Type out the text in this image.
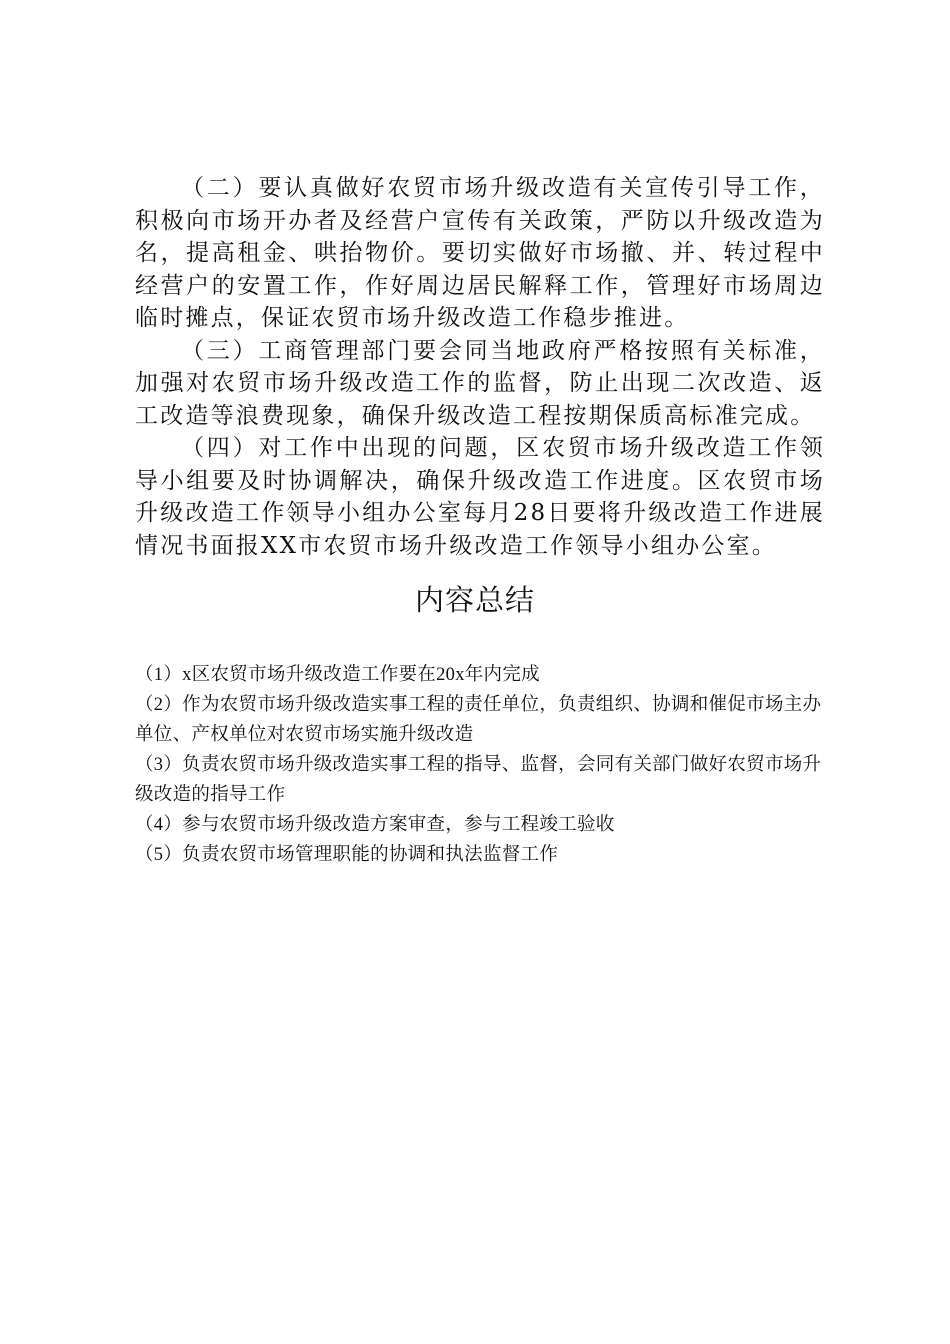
（二）要认真做好农贸市场升级改造有关宣传引导工作，积极向市场开办者及经营户宣传有关政策，严防以升级改造为名，提高租金、哄抬物价。要切实做好市场撤、并、转过程中经营户的安置工作，作好周边居民解释工作，管理好市场周边临时摊点，保证农贸市场升级改造工作稳步推进。

（三）工商管理部门要会同当地政府严格按照有关标准，加强对农贸市场升级改造工作的监督，防止出现二次改造、返工改造等浪费现象，确保升级改造工程按期保质高标准完成。

（四）对工作中出现的问题，区农贸市场升级改造工作领导小组要及时协调解决，确保升级改造工作进度。区农贸市场升级改造工作领导小组办公室每月28日要将升级改造工作进展情况书面报XX市农贸市场升级改造工作领导小组办公室。

内容总结
（1）x区农贸市场升级改造工作要在20x年内完成
（2）作为农贸市场升级改造实事工程的责任单位，负责组织、协调和催促市场主办单位、产权单位对农贸市场实施升级改造
（3）负责农贸市场升级改造实事工程的指导、监督，会同有关部门做好农贸市场升级改造的指导工作
（4）参与农贸市场升级改造方案审查，参与工程竣工验收
（5）负责农贸市场管理职能的协调和执法监督工作
